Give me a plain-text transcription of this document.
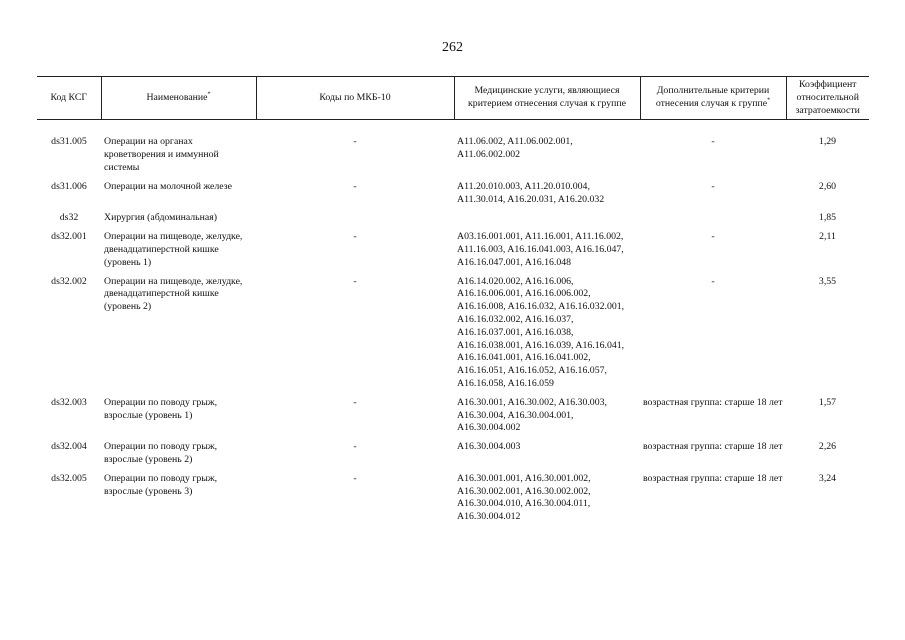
262
Код КСГ	Наименование*	Коды по МКБ-10	Медицинские услуги, являющиеся критерием отнесения случая к группе	Дополнительные критерии отнесения случая к группе*	Коэффициент относительной затратоемкости
ds31.005	Операции на органах кроветворения и иммунной системы	-	A11.06.002, A11.06.002.001, A11.06.002.002	-	1,29
ds31.006	Операции на молочной железе	-	A11.20.010.003, A11.20.010.004, A11.30.014, A16.20.031, A16.20.032	-	2,60
ds32	Хирургия (абдоминальная)				1,85
ds32.001	Операции на пищеводе, желудке, двенадцатиперстной кишке (уровень 1)	-	A03.16.001.001, A11.16.001, A11.16.002, A11.16.003, A16.16.041.003, A16.16.047, A16.16.047.001, A16.16.048	-	2,11
ds32.002	Операции на пищеводе, желудке, двенадцатиперстной кишке (уровень 2)	-	A16.14.020.002, A16.16.006, A16.16.006.001, A16.16.006.002, A16.16.008, A16.16.032, A16.16.032.001, A16.16.032.002, A16.16.037, A16.16.037.001, A16.16.038, A16.16.038.001, A16.16.039, A16.16.041, A16.16.041.001, A16.16.041.002, A16.16.051, A16.16.052, A16.16.057, A16.16.058, A16.16.059	-	3,55
ds32.003	Операции по поводу грыж, взрослые (уровень 1)	-	A16.30.001, A16.30.002, A16.30.003, A16.30.004, A16.30.004.001, A16.30.004.002	возрастная группа: старше 18 лет	1,57
ds32.004	Операции по поводу грыж, взрослые (уровень 2)	-	A16.30.004.003	возрастная группа: старше 18 лет	2,26
ds32.005	Операции по поводу грыж, взрослые (уровень 3)	-	A16.30.001.001, A16.30.001.002, A16.30.002.001, A16.30.002.002, A16.30.004.010, A16.30.004.011, A16.30.004.012	возрастная группа: старше 18 лет	3,24
